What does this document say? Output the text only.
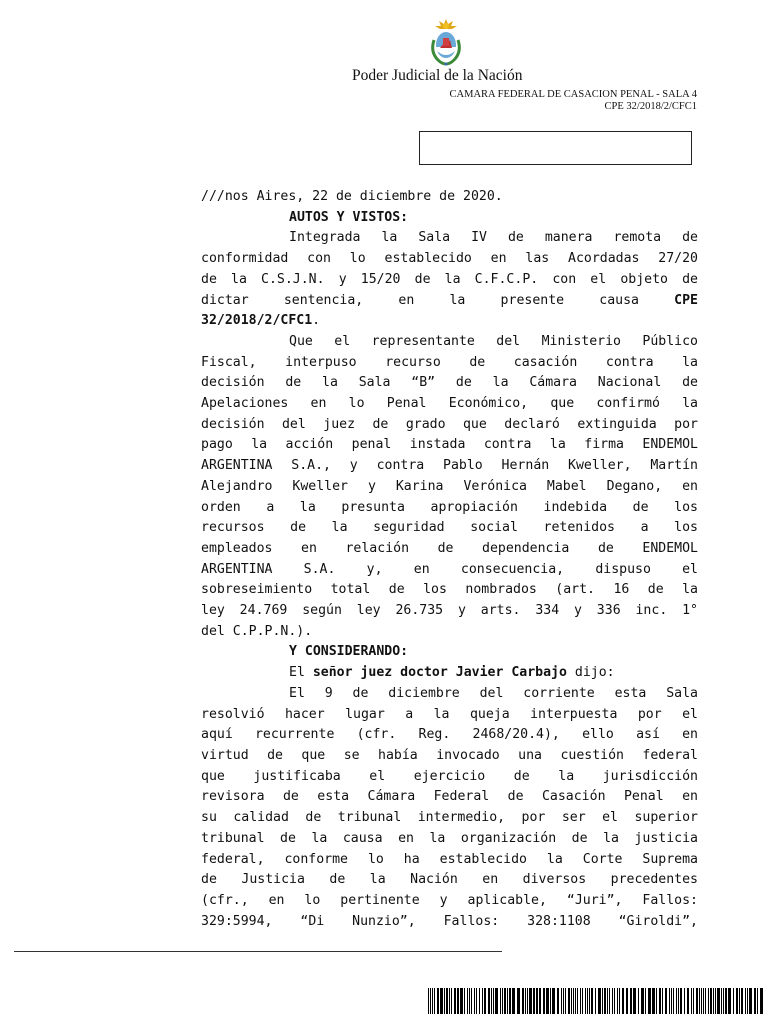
Poder Judicial de la Nación
CAMARA FEDERAL DE CASACION PENAL - SALA 4
CPE 32/2018/2/CFC1
///nos Aires, 22 de diciembre de 2020.
AUTOS Y VISTOS:
Integrada la Sala IV de manera remota de
conformidad con lo establecido en las Acordadas 27/20
de la C.S.J.N. y 15/20 de la C.F.C.P. con el objeto de
dictar sentencia, en la presente causa	CPE
32/2018/2/CFC1.
Que el representante del Ministerio Público
Fiscal, interpuso recurso de casación contra la
decisión de la Sala “B” de la Cámara Nacional de
Apelaciones en lo Penal Económico, que confirmó la
decisión del juez de grado que declaró extinguida por
pago la acción penal instada contra la firma ENDEMOL
ARGENTINA S.A., y contra Pablo Hernán Kweller, Martín
Alejandro Kweller y Karina Verónica Mabel Degano, en
orden a la presunta apropiación indebida de los
recursos de la seguridad social retenidos a los
empleados en relación de dependencia de ENDEMOL
ARGENTINA S.A. y, en consecuencia, dispuso el
sobreseimiento total de los nombrados (art. 16 de la
ley 24.769 según ley 26.735 y arts. 334 y 336 inc. 1°
del C.P.P.N.).
Y CONSIDERANDO:
El señor juez doctor Javier Carbajo dijo:
El 9 de diciembre del corriente esta Sala
resolvió hacer lugar a la queja interpuesta por el
aquí recurrente (cfr. Reg. 2468/20.4), ello así en
virtud de que se había invocado una cuestión federal
que justificaba el ejercicio de la jurisdicción
revisora de esta Cámara Federal de Casación Penal en
su calidad de tribunal intermedio, por ser el superior
tribunal de la causa en la organización de la justicia
federal, conforme lo ha establecido la Corte Suprema
de Justicia de la Nación en diversos precedentes
(cfr., en lo pertinente y aplicable, “Juri”, Fallos:
329:5994, “Di Nunzio”, Fallos: 328:1108 “Giroldi”,
